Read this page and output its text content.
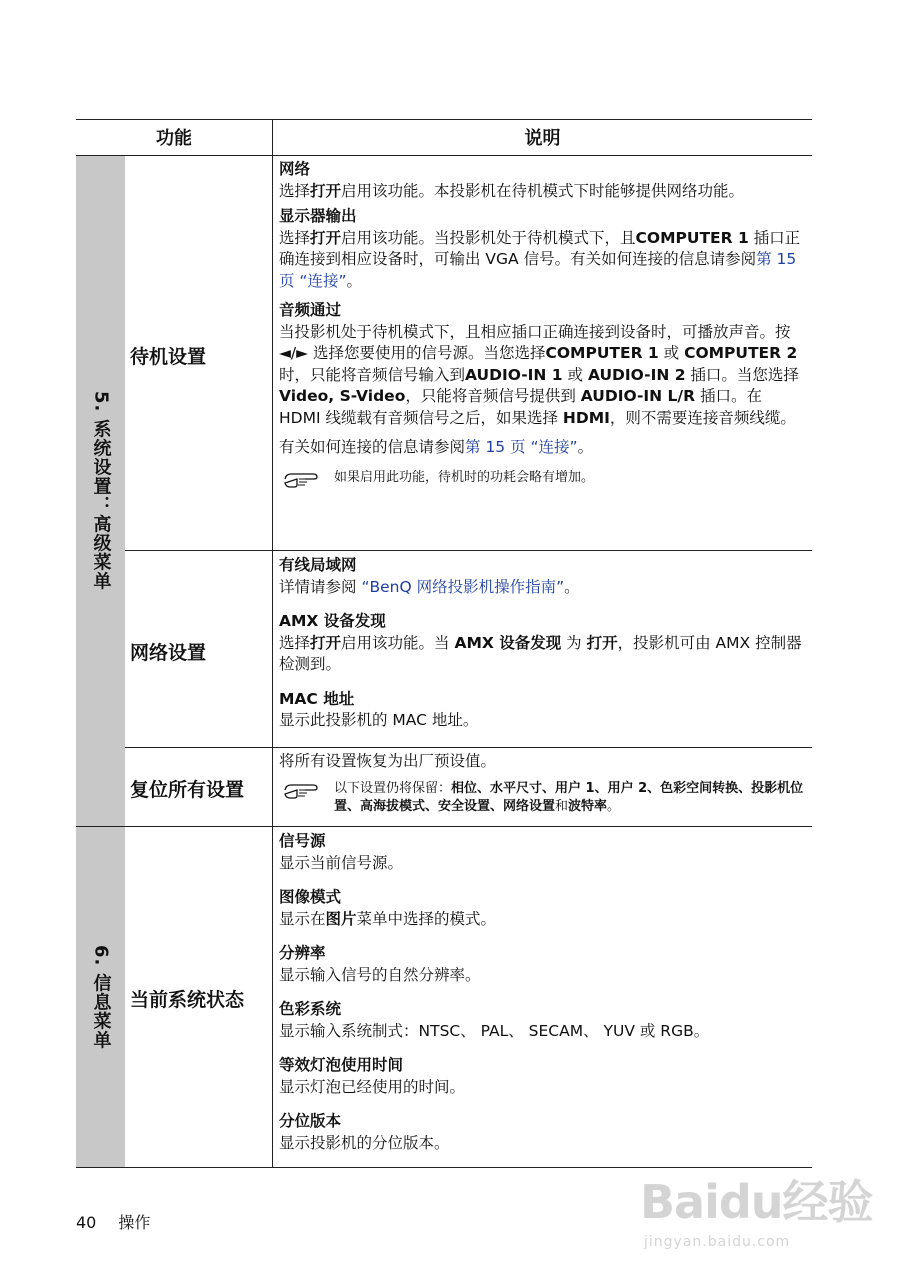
功能	说明
5. 系统设置：高级菜单
6. 信息菜单
待机设置
网络设置
复位所有设置
当前系统状态
网络

选择打开启用该功能。本投影机在待机模式下时能够提供网络功能。

显示器输出

选择打开启用该功能。当投影机处于待机模式下，且COMPUTER 1 插口正确连接到相应设备时，可输出 VGA 信号。有关如何连接的信息请参阅第 15 页 “连接”。

音频通过

当投影机处于待机模式下，且相应插口正确连接到设备时，可播放声音。按 ◄/► 选择您要使用的信号源。当您选择COMPUTER 1 或 COMPUTER 2 时，只能将音频信号输入到AUDIO-IN 1 或 AUDIO-IN 2 插口。当您选择 Video, S-Video，只能将音频信号提供到 AUDIO-IN L/R 插口。在 HDMI 线缆载有音频信号之后，如果选择 HDMI，则不需要连接音频线缆。

有关如何连接的信息请参阅第 15 页 “连接”。

如果启用此功能，待机时的功耗会略有增加。
有线局域网

详情请参阅 “BenQ 网络投影机操作指南”。

AMX 设备发现

选择打开启用该功能。当 AMX 设备发现 为 打开，投影机可由 AMX 控制器检测到。

MAC 地址

显示此投影机的 MAC 地址。

将所有设置恢复为出厂预设值。

以下设置仍将保留：相位、水平尺寸、用户 1、用户 2、色彩空间转换、投影机位置、高海拔模式、安全设置、网络设置和波特率。
信号源

显示当前信号源。

图像模式

显示在图片菜单中选择的模式。

分辨率

显示输入信号的自然分辨率。

色彩系统

显示输入系统制式：NTSC、 PAL、 SECAM、 YUV 或 RGB。

等效灯泡使用时间

显示灯泡已经使用的时间。

分位版本

显示投影机的分位版本。

40 操作	Baidu经验
jingyan.baidu.com
